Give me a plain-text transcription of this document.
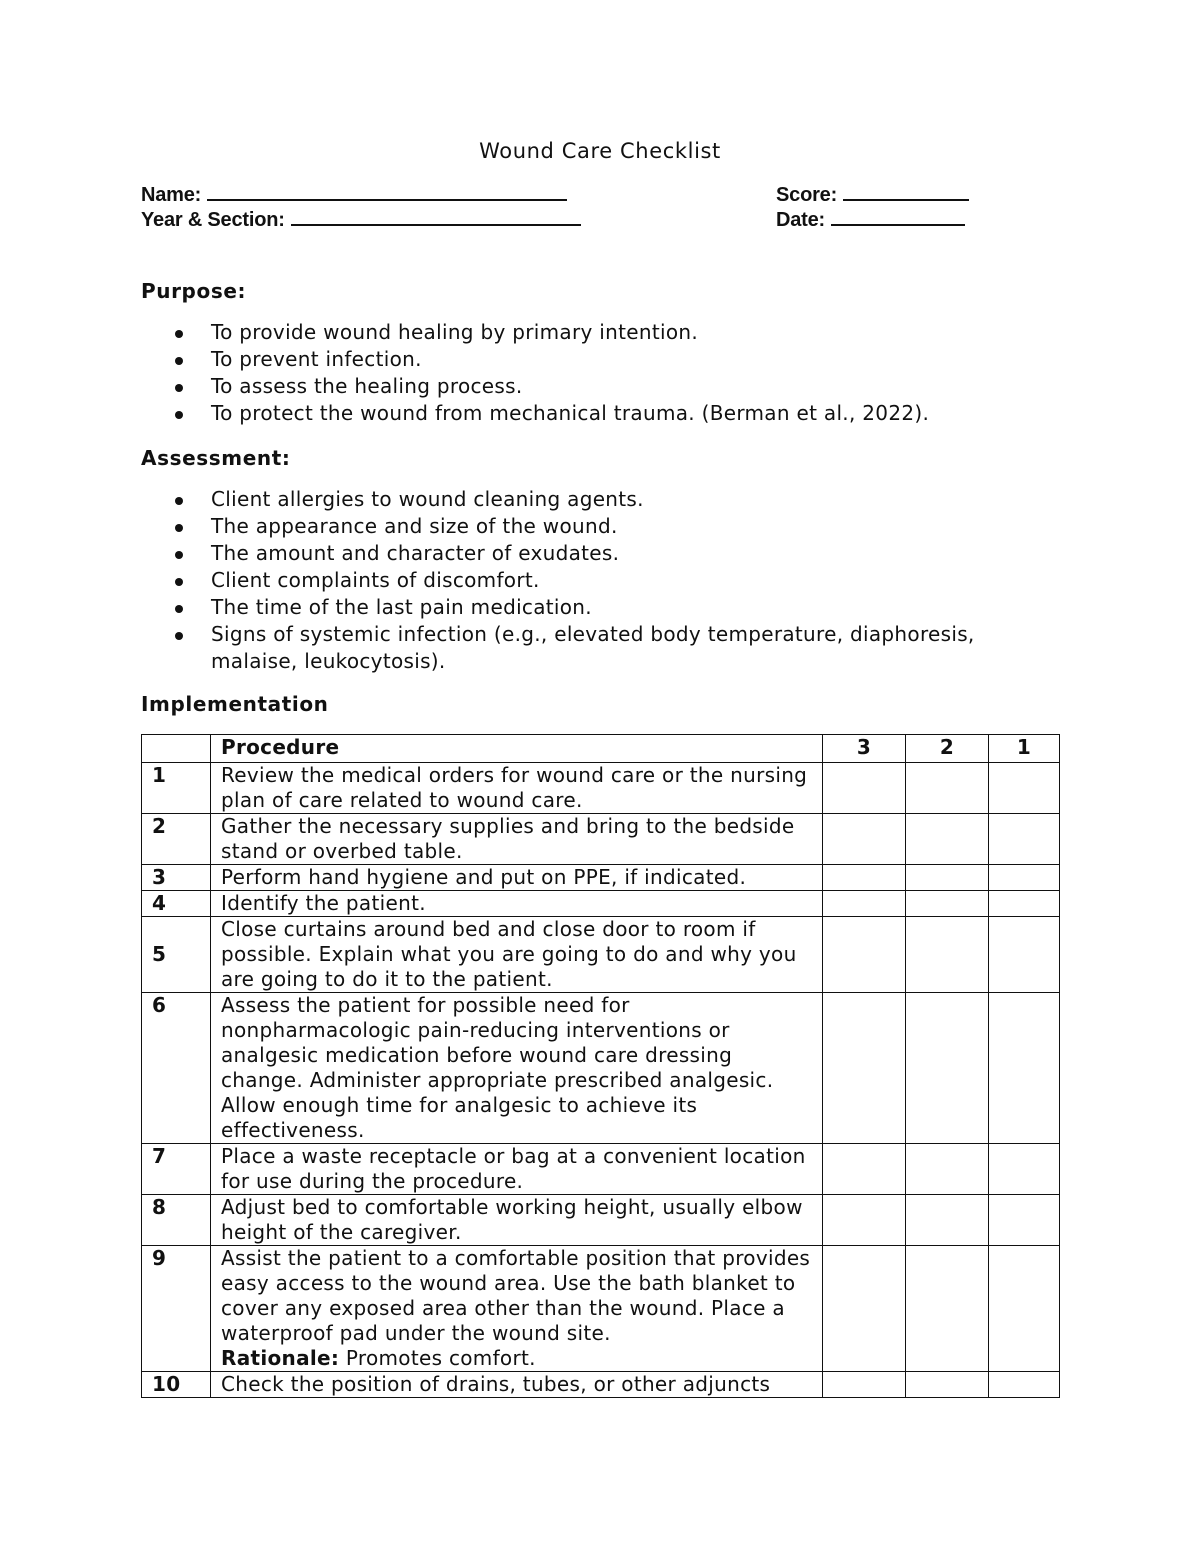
Wound Care Checklist
Name:	Score:
Year & Section:	Date:
Purpose:
To provide wound healing by primary intention.
To prevent infection.
To assess the healing process.
To protect the wound from mechanical trauma. (Berman et al., 2022).
Assessment:
Client allergies to wound cleaning agents.
The appearance and size of the wound.
The amount and character of exudates.
Client complaints of discomfort.
The time of the last pain medication.
Signs of systemic infection (e.g., elevated body temperature, diaphoresis, malaise, leukocytosis).
Implementation
	Procedure	3	2	1
1	Review the medical orders for wound care or the nursing plan of care related to wound care.			
2	Gather the necessary supplies and bring to the bedside stand or overbed table.			
3	Perform hand hygiene and put on PPE, if indicated.			
4	Identify the patient.			
5	Close curtains around bed and close door to room if possible. Explain what you are going to do and why you are going to do it to the patient.			
6	Assess the patient for possible need for nonpharmacologic pain-reducing interventions or analgesic medication before wound care dressing change. Administer appropriate prescribed analgesic. Allow enough time for analgesic to achieve its effectiveness.			
7	Place a waste receptacle or bag at a convenient location for use during the procedure.			
8	Adjust bed to comfortable working height, usually elbow height of the caregiver.			
9	Assist the patient to a comfortable position that provides easy access to the wound area. Use the bath blanket to cover any exposed area other than the wound. Place a waterproof pad under the wound site.
Rationale: Promotes comfort.			
10	Check the position of drains, tubes, or other adjuncts			
